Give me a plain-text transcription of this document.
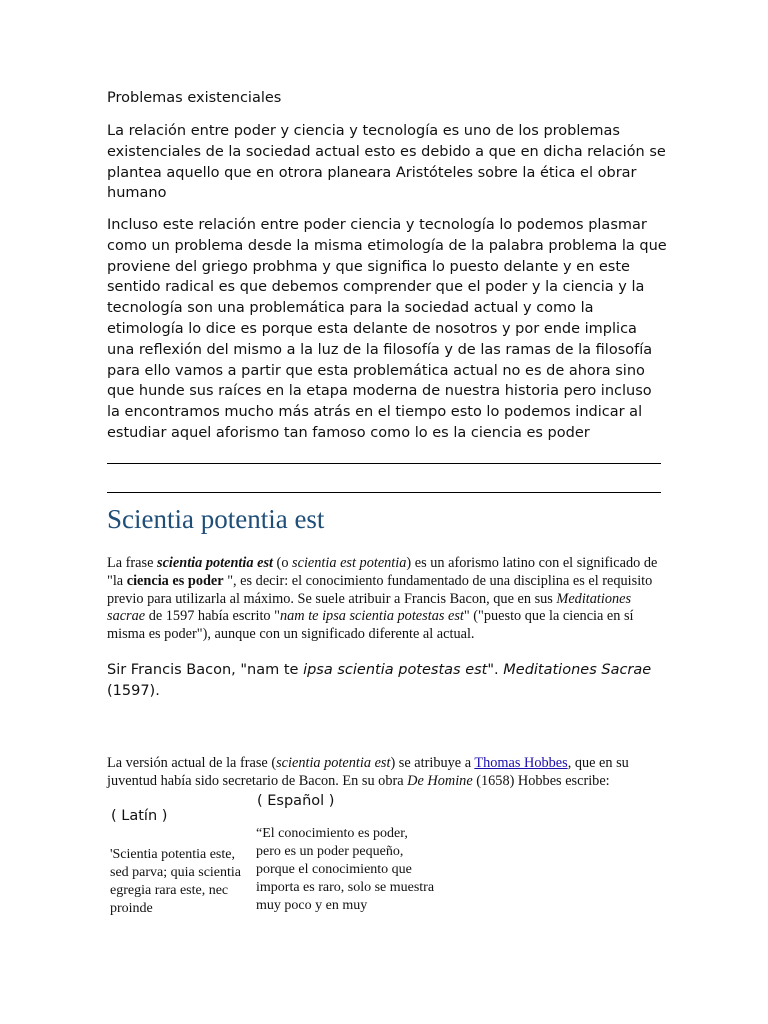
Problemas existenciales
La relación entre poder y ciencia y tecnología es uno de los problemas existenciales de la sociedad actual esto es debido a que en dicha relación se plantea aquello que en otrora planeara Aristóteles sobre la ética el obrar humano
Incluso este relación entre poder ciencia y tecnología lo podemos plasmar como un problema desde la misma etimología de la palabra problema la que proviene del griego probhma y que significa lo puesto delante y en este sentido radical es que debemos comprender que el poder y la ciencia y la tecnología son una problemática para la sociedad actual y como la etimología lo dice es porque esta delante de nosotros y por ende implica una reflexión del mismo a la luz de la filosofía y de las ramas de la filosofía para ello vamos a partir que esta problemática actual no es de ahora sino que hunde sus raíces en la etapa moderna de nuestra historia pero incluso la encontramos mucho más atrás en el tiempo esto lo podemos indicar al estudiar aquel aforismo tan famoso como lo es la ciencia es poder
Scientia potentia est
La frase scientia potentia est (o scientia est potentia) es un aforismo latino con el significado de "la ciencia es poder ", es decir: el conocimiento fundamentado de una disciplina es el requisito previo para utilizarla al máximo. Se suele atribuir a Francis Bacon, que en sus Meditationes sacrae de 1597 había escrito "nam te ipsa scientia potestas est" ("puesto que la ciencia en sí misma es poder"), aunque con un significado diferente al actual.
Sir Francis Bacon, "nam te ipsa scientia potestas est". Meditationes Sacrae (1597).
La versión actual de la frase (scientia potentia est) se atribuye a Thomas Hobbes, que en su juventud había sido secretario de Bacon. En su obra De Homine (1658) Hobbes escribe:
( Latín )
( Español )
'Scientia potentia este, sed parva; quia scientia egregia rara este, nec proinde
“El conocimiento es poder, pero es un poder pequeño, porque el conocimiento que importa es raro, solo se muestra muy poco y en muy
